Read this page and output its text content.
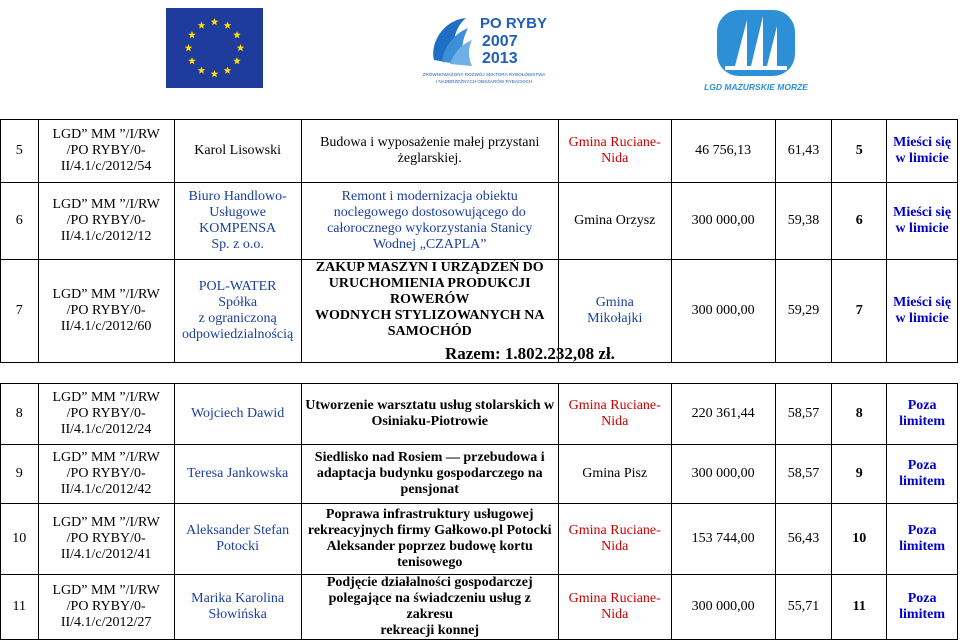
PO RYBY
2007
2013
ZRÓWNOWAŻONY ROZWÓJ SEKTORA RYBOŁÓWSTWA
I NADBRZEŻNYCH OBSZARÓW RYBACKICH
LGD MAZURSKIE MORZE
5	LGD” MM ”/I/RW
/PO RYBY/0-
II/4.1/c/2012/54	Karol Lisowski	Budowa i wyposażenie małej przystani
żeglarskiej.	Gmina Ruciane-
Nida	46 756,13	61,43	5	Mieści się
w limicie

6	LGD” MM ”/I/RW
/PO RYBY/0-
II/4.1/c/2012/12	Biuro Handlowo-
Usługowe
KOMPENSA
Sp. z o.o.	Remont i modernizacja obiektu
noclegowego dostosowującego do
całorocznego wykorzystania Stanicy
Wodnej „CZAPLA”	Gmina Orzysz	300 000,00	59,38	6	Mieści się
w limicie

7	LGD” MM ”/I/RW
/PO RYBY/0-
II/4.1/c/2012/60	POL-WATER Spółka
z ograniczoną
odpowiedzialnością	ZAKUP MASZYN I URZĄDZEŃ DO
URUCHOMIENIA PRODUKCJI ROWERÓW
WODNYCH STYLIZOWANYCH NA
SAMOCHÓD
Razem: 1.802.232,08 zł.	Gmina
Mikołajki	300 000,00	59,29	7	Mieści się
w limicie

8	LGD” MM ”/I/RW
/PO RYBY/0-
II/4.1/c/2012/24	Wojciech Dawid	Utworzenie warsztatu usług stolarskich w
Osiniaku-Piotrowie	Gmina Ruciane-
Nida	220 361,44	58,57	8	Poza
limitem

9	LGD” MM ”/I/RW
/PO RYBY/0-
II/4.1/c/2012/42	Teresa Jankowska	Siedlisko nad Rosiem — przebudowa i
adaptacja budynku gospodarczego na
pensjonat	Gmina Pisz	300 000,00	58,57	9	Poza
limitem

10	LGD” MM ”/I/RW
/PO RYBY/0-
II/4.1/c/2012/41	Aleksander Stefan
Potocki	Poprawa infrastruktury usługowej
rekreacyjnych firmy Gałkowo.pl Potocki
Aleksander poprzez budowę kortu
tenisowego	Gmina Ruciane-
Nida	153 744,00	56,43	10	Poza
limitem

11	LGD” MM ”/I/RW
/PO RYBY/0-
II/4.1/c/2012/27	Marika Karolina
Słowińska	Podjęcie działalności gospodarczej
polegające na świadczeniu usług z zakresu
rekreacji konnej	Gmina Ruciane-
Nida	300 000,00	55,71	11	Poza
limitem
